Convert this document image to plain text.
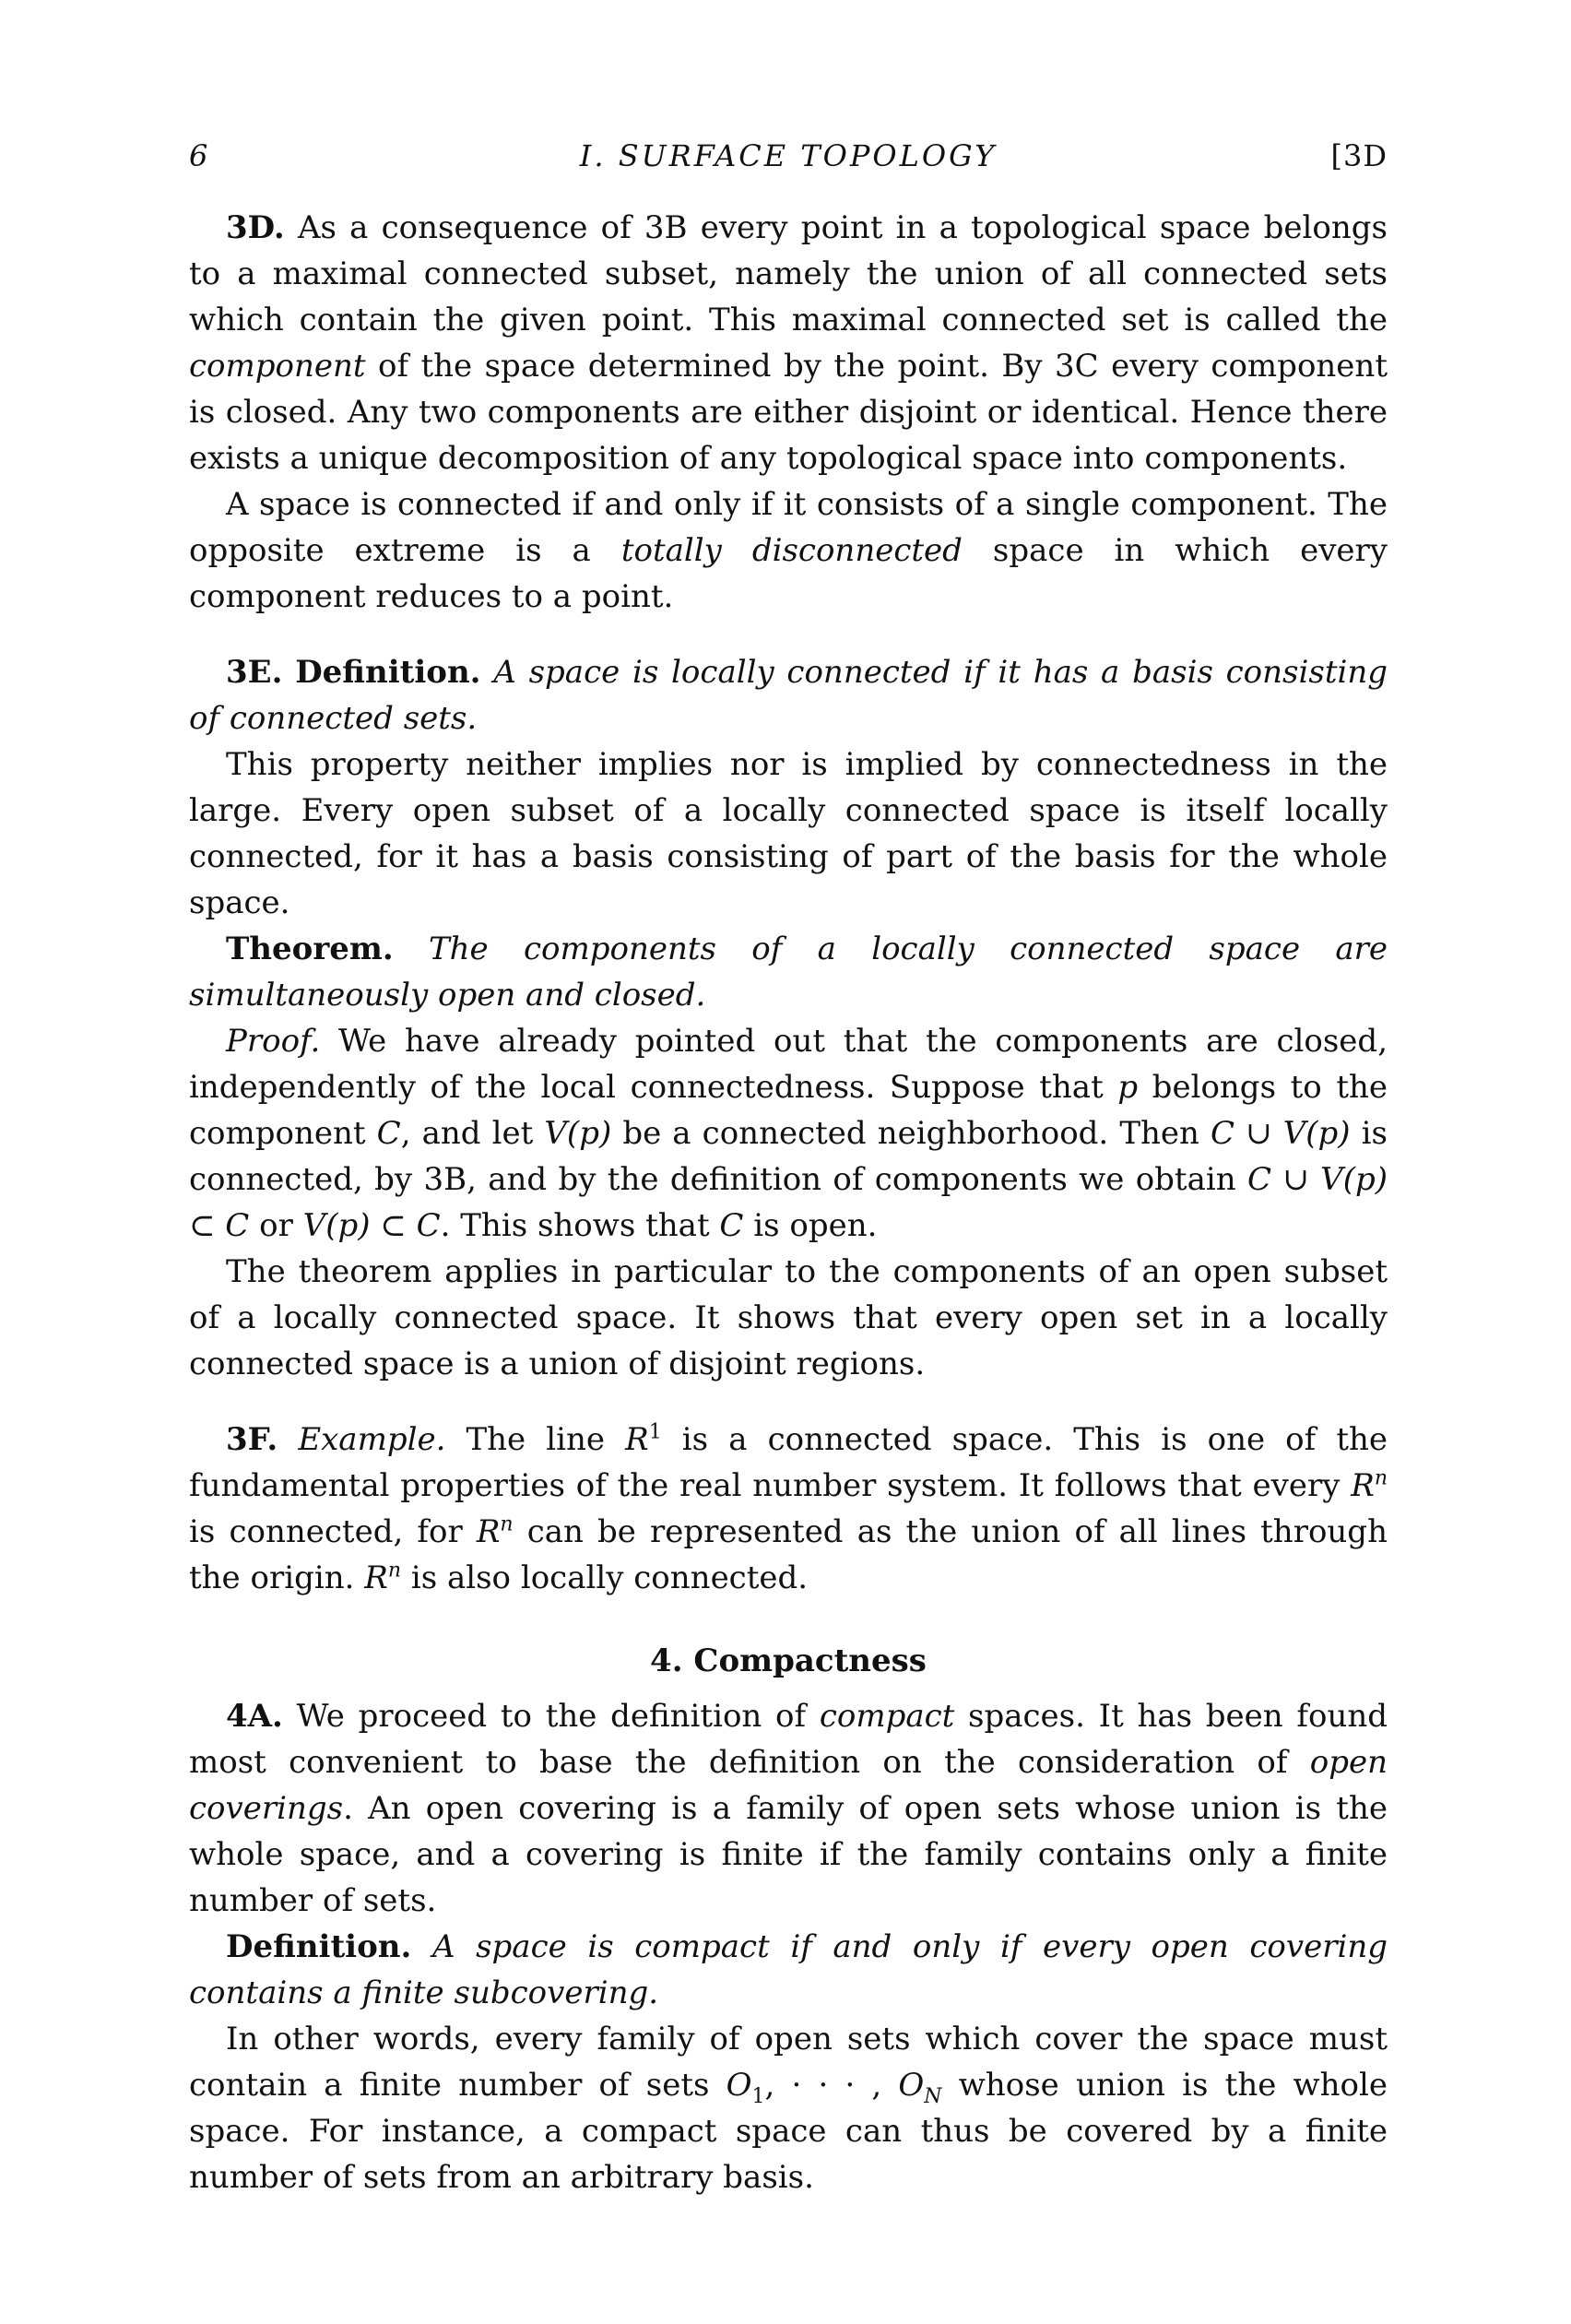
6	I. SURFACE TOPOLOGY	[3D

3D. As a consequence of 3B every point in a topological space belongs to a maximal connected subset, namely the union of all connected sets which contain the given point. This maximal connected set is called the component of the space determined by the point. By 3C every component is closed. Any two components are either disjoint or identical. Hence there exists a unique decomposition of any topological space into components.

A space is connected if and only if it consists of a single component. The opposite extreme is a totally disconnected space in which every component reduces to a point.

3E. Definition. A space is locally connected if it has a basis consisting of connected sets.

This property neither implies nor is implied by connectedness in the large. Every open subset of a locally connected space is itself locally connected, for it has a basis consisting of part of the basis for the whole space.

Theorem. The components of a locally connected space are simultaneously open and closed.

Proof. We have already pointed out that the components are closed, independently of the local connectedness. Suppose that p belongs to the component C, and let V(p) be a connected neighborhood. Then C ∪ V(p) is connected, by 3B, and by the definition of components we obtain C ∪ V(p) ⊂ C or V(p) ⊂ C. This shows that C is open.

The theorem applies in particular to the components of an open subset of a locally connected space. It shows that every open set in a locally connected space is a union of disjoint regions.

3F. Example. The line $R^1$ is a connected space. This is one of the fundamental properties of the real number system. It follows that every $R^n$ is connected, for $R^n$ can be represented as the union of all lines through the origin. $R^n$ is also locally connected.

4. Compactness

4A. We proceed to the definition of compact spaces. It has been found most convenient to base the definition on the consideration of open coverings. An open covering is a family of open sets whose union is the whole space, and a covering is finite if the family contains only a finite number of sets.

Definition. A space is compact if and only if every open covering contains a finite subcovering.

In other words, every family of open sets which cover the space must contain a finite number of sets $O_1$, · · · , $O_N$ whose union is the whole space. For instance, a compact space can thus be covered by a finite number of sets from an arbitrary basis.
